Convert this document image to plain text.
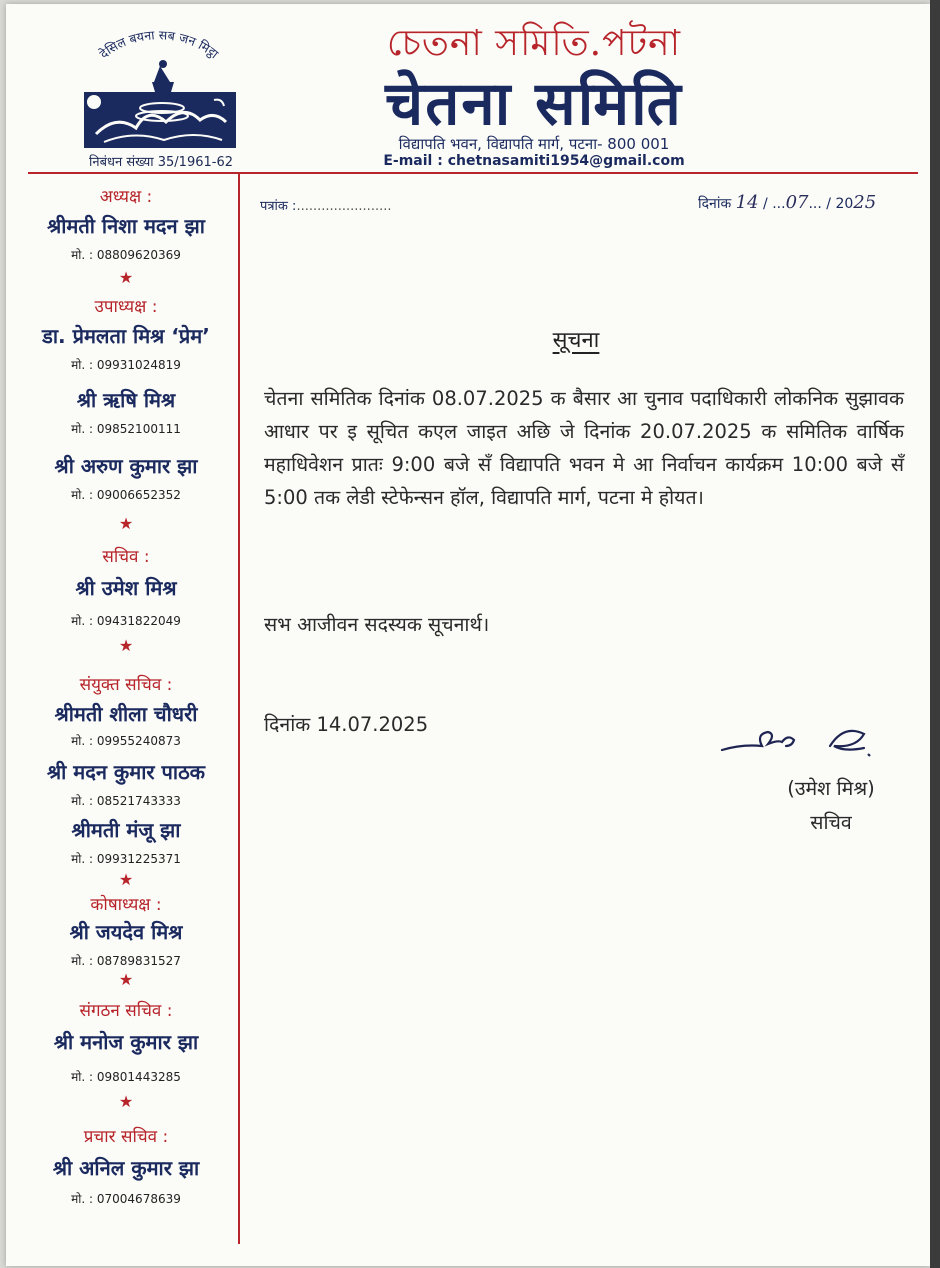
देसिल बयना सब जन मिट्ठा
निबंधन संख्या 35/1961-62
চেতনা সমিতি.পটনা
चेतना समिति
विद्यापति भवन, विद्यापति मार्ग, पटना- 800 001
E-mail : chetnasamiti1954@gmail.com
अध्यक्ष :
श्रीमती निशा मदन झा
मो. : 08809620369
★
उपाध्यक्ष :
डा. प्रेमलता मिश्र ‘प्रेम’
मो. : 09931024819
श्री ऋषि मिश्र
मो. : 09852100111
श्री अरुण कुमार झा
मो. : 09006652352
★
सचिव :
श्री उमेश मिश्र
मो. : 09431822049
★
संयुक्त सचिव :
श्रीमती शीला चौधरी
मो. : 09955240873
श्री मदन कुमार पाठक
मो. : 08521743333
श्रीमती मंजू झा
मो. : 09931225371
★
कोषाध्यक्ष :
श्री जयदेव मिश्र
मो. : 08789831527
★
संगठन सचिव :
श्री मनोज कुमार झा
मो. : 09801443285
★
प्रचार सचिव :
श्री अनिल कुमार झा
मो. : 07004678639
पत्रांक :.......................	दिनांक 14 / ...07... / 2025
सूचना
चेतना समितिक दिनांक 08.07.2025 क बैसार आ चुनाव पदाधिकारी लोकनिक सुझावक आधार पर इ सूचित कएल जाइत अछि जे दिनांक 20.07.2025 क समितिक वार्षिक महाधिवेशन प्रातः 9:00 बजे सँ विद्यापति भवन मे आ निर्वाचन कार्यक्रम 10:00 बजे सँ 5:00 तक लेडी स्टेफेन्सन हॉल, विद्यापति मार्ग, पटना मे होयत।
सभ आजीवन सदस्यक सूचनार्थ।
दिनांक 14.07.2025
(उमेश मिश्र)
सचिव
